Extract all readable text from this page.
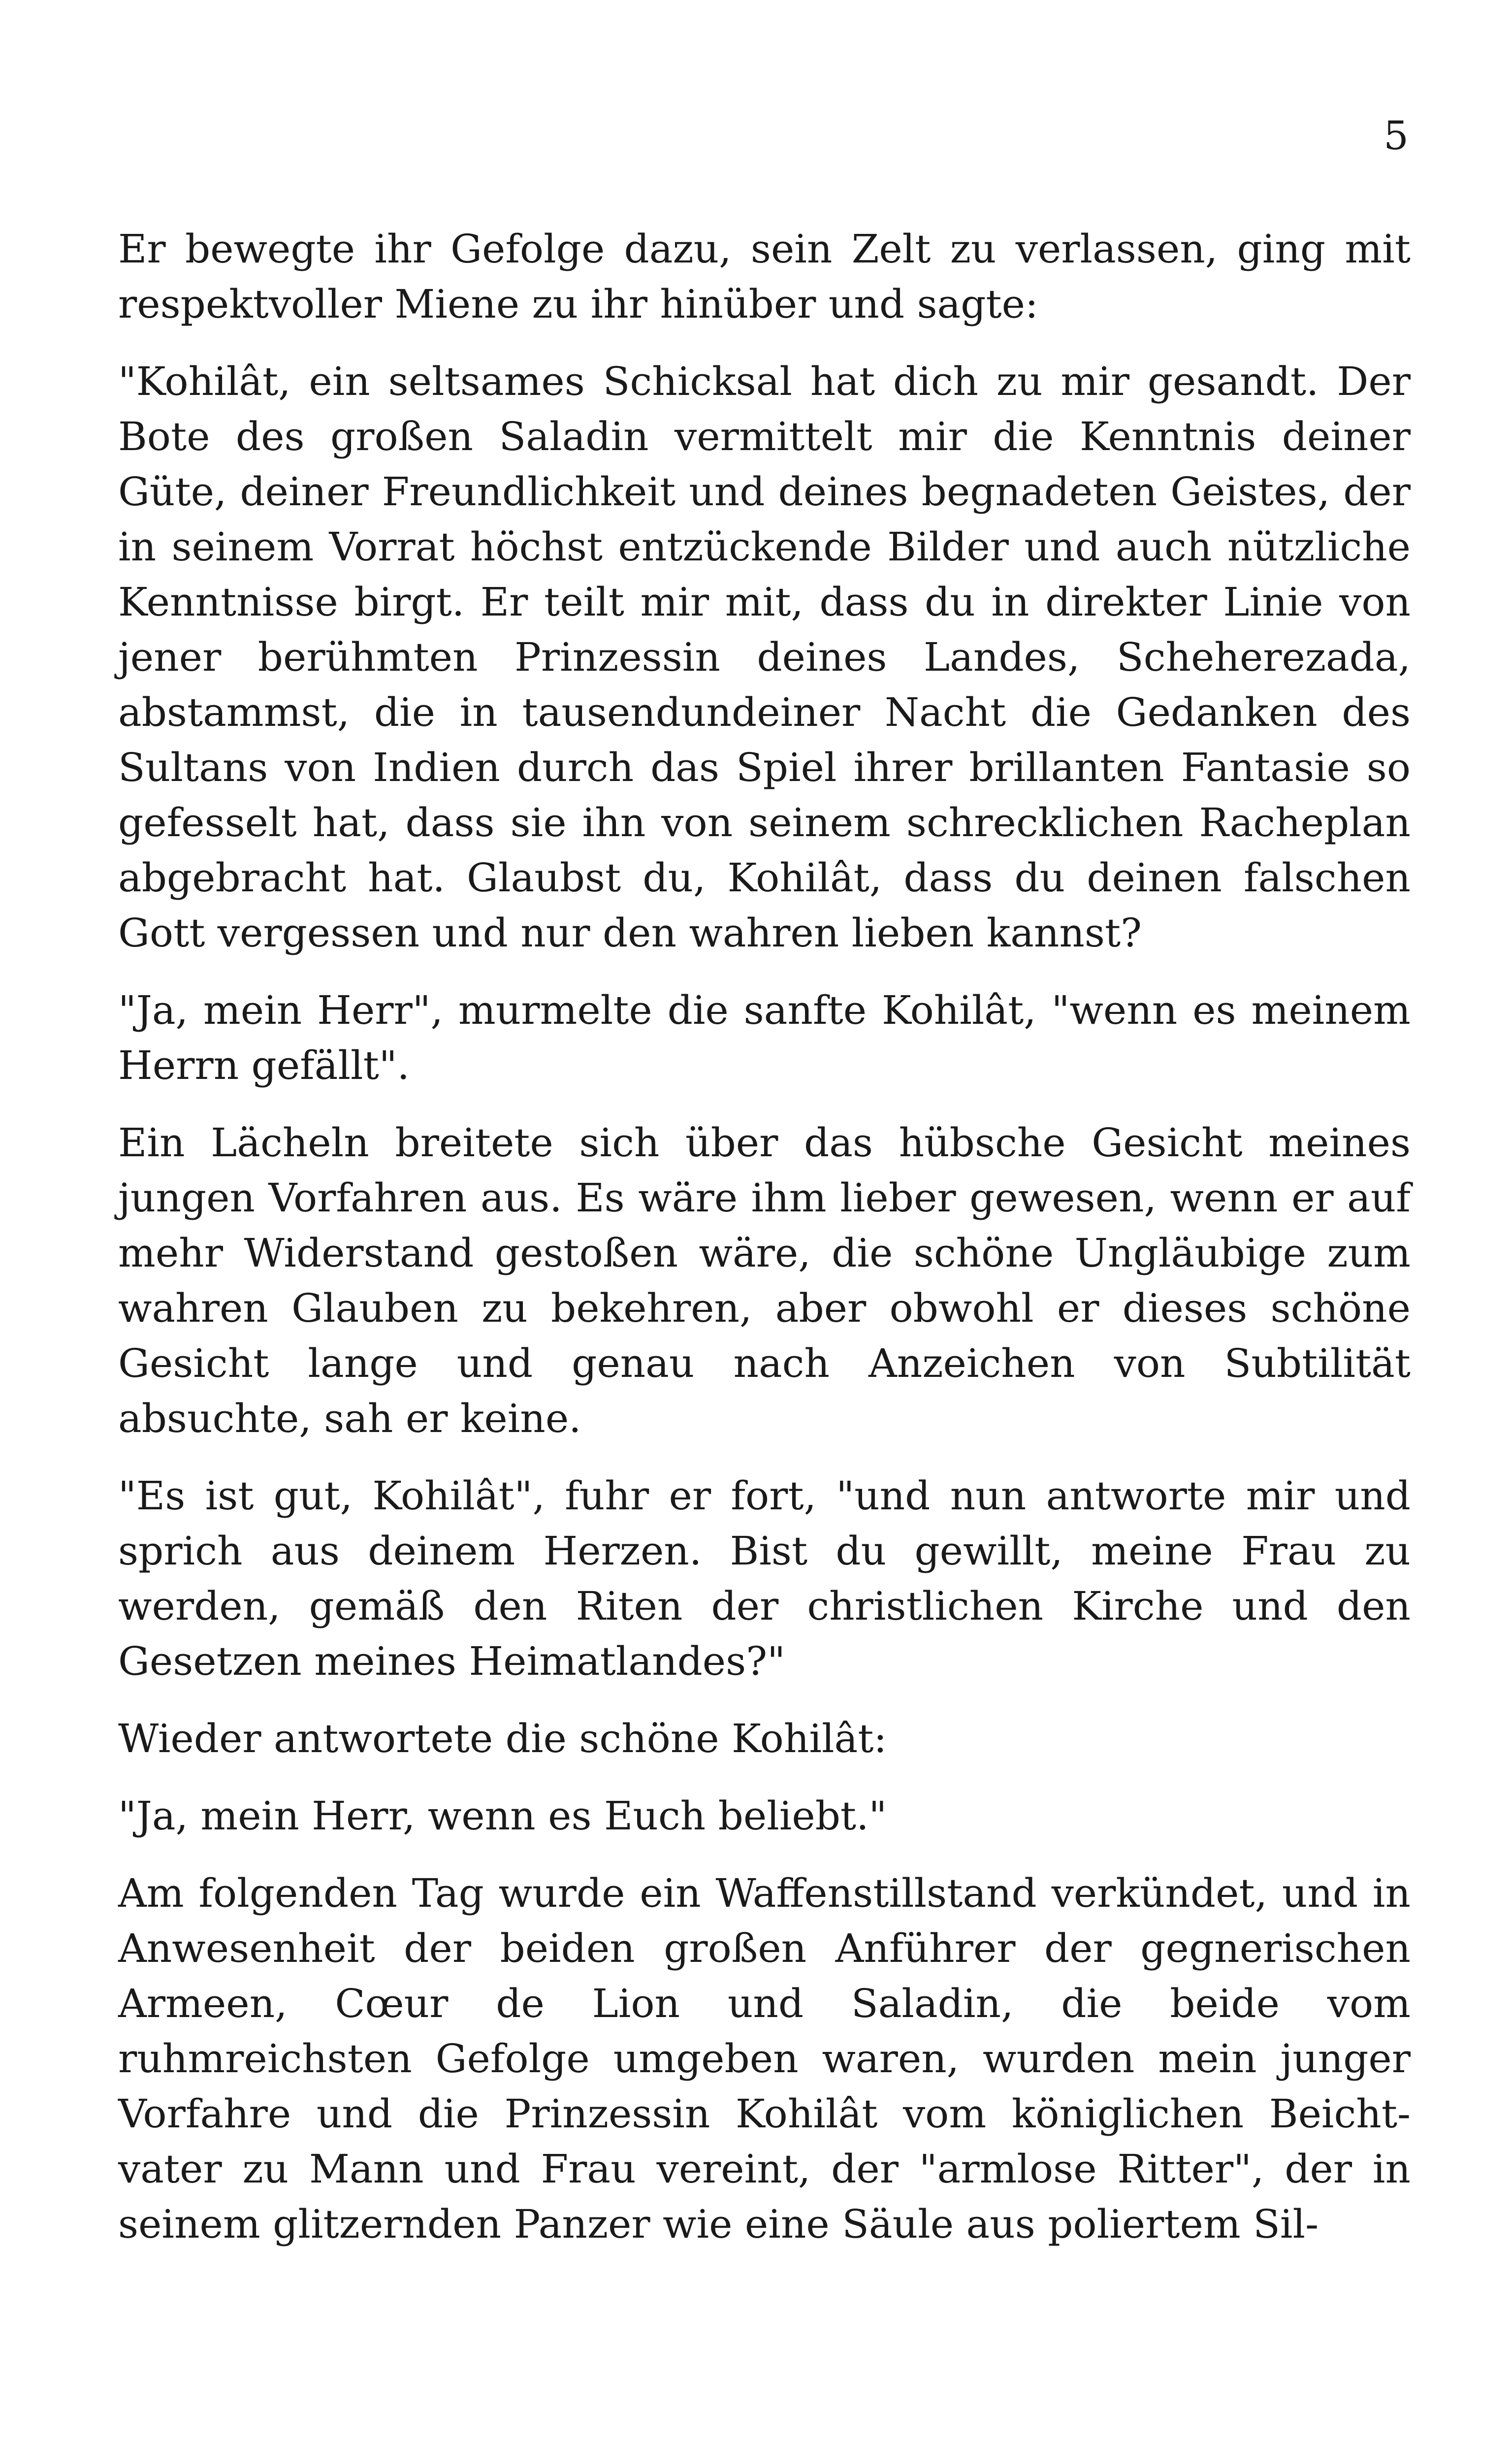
5

Er bewegte ihr Gefolge dazu, sein Zelt zu verlassen, ging mit respektvoller Miene zu ihr hinüber und sagte:

"Kohilât, ein seltsames Schicksal hat dich zu mir gesandt. Der Bote des großen Saladin vermittelt mir die Kenntnis deiner Güte, deiner Freundlichkeit und deines begnadeten Geistes, der in seinem Vorrat höchst entzückende Bilder und auch nützliche Kenntnisse birgt. Er teilt mir mit, dass du in direkter Linie von jener berühmten Prinzessin deines Landes, Scheherezada, abstammst, die in tausendundeiner Nacht die Gedanken des Sultans von Indien durch das Spiel ihrer brillanten Fantasie so gefesselt hat, dass sie ihn von seinem schrecklichen Racheplan abgebracht hat. Glaubst du, Kohilât, dass du deinen falschen Gott vergessen und nur den wahren lieben kannst?

"Ja, mein Herr", murmelte die sanfte Kohilât, "wenn es meinem Herrn gefällt".

Ein Lächeln breitete sich über das hübsche Gesicht meines jungen Vorfahren aus. Es wäre ihm lieber gewesen, wenn er auf mehr Widerstand gestoßen wäre, die schöne Ungläubige zum wahren Glauben zu bekehren, aber obwohl er dieses schöne Gesicht lange und genau nach Anzeichen von Subtilität absuchte, sah er keine.

"Es ist gut, Kohilât", fuhr er fort, "und nun antworte mir und sprich aus deinem Herzen. Bist du gewillt, meine Frau zu werden, gemäß den Riten der christlichen Kirche und den Gesetzen meines Heimatlandes?"

Wieder antwortete die schöne Kohilât:

"Ja, mein Herr, wenn es Euch beliebt."

Am folgenden Tag wurde ein Waffenstillstand verkündet, und in Anwesenheit der beiden großen Anführer der gegnerischen Armeen, Cœur de Lion und Saladin, die beide vom ruhmreichsten Gefolge umgeben waren, wurden mein junger Vorfahre und die Prinzessin Kohilât vom königlichen Beichtvater zu Mann und Frau vereint, der "armlose Ritter", der in seinem glitzernden Panzer wie eine Säule aus poliertem Sil-
